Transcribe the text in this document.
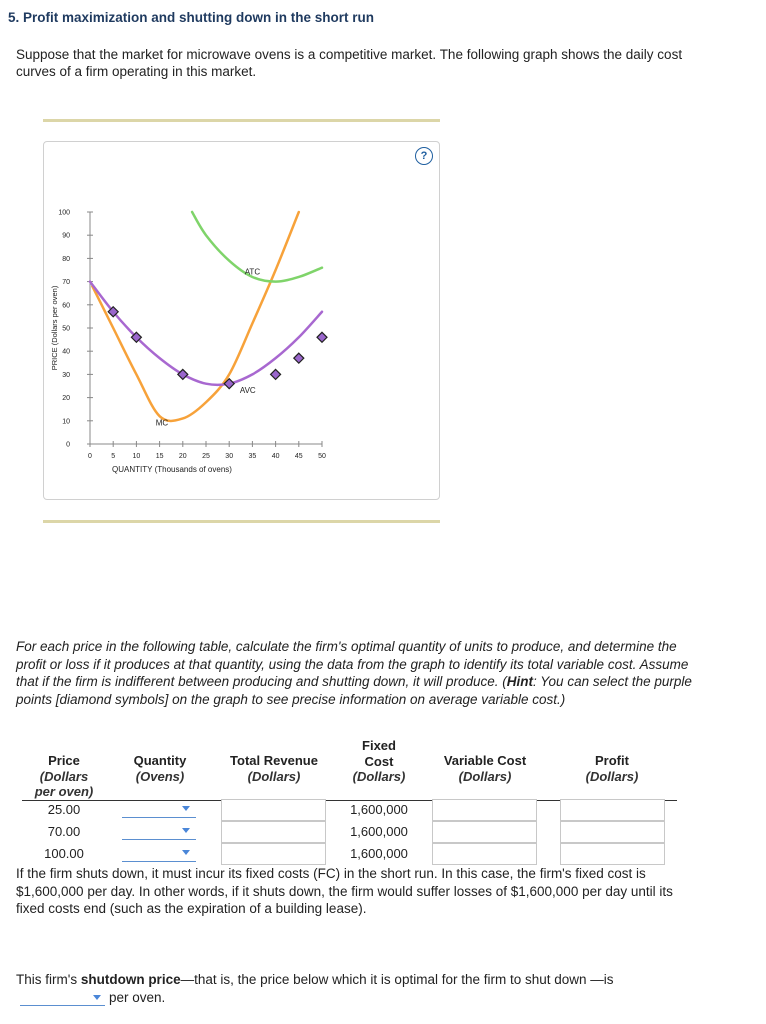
5. Profit maximization and shutting down in the short run
Suppose that the market for microwave ovens is a competitive market. The following graph shows the daily cost curves of a firm operating in this market.
?
0
10
20
30
40
50
60
70
80
90
100
0	5 10 15 20 25 30 35 40 45 50
QUANTITY (Thousands of ovens)
PRICE (Dollars per oven)
ATC
AVC
MC
For each price in the following table, calculate the firm's optimal quantity of units to produce, and determine the profit or loss if it produces at that quantity, using the data from the graph to identify its total variable cost. Assume that if the firm is indifferent between producing and shutting down, it will produce. (Hint: You can select the purple points [diamond symbols] on the graph to see precise information on average variable cost.)
Price
(Dollars per oven)
Quantity
(Ovens)
Total Revenue
(Dollars)
Fixed Cost
(Dollars)
Variable Cost
(Dollars)
Profit
(Dollars)
25.00	1,600,000
70.00	1,600,000
100.00	1,600,000
If the firm shuts down, it must incur its fixed costs (FC) in the short run. In this case, the firm's fixed cost is $1,600,000 per day. In other words, if it shuts down, the firm would suffer losses of $1,600,000 per day until its fixed costs end (such as the expiration of a building lease).
This firm's shutdown price—that is, the price below which it is optimal for the firm to shut down —is
per oven.
